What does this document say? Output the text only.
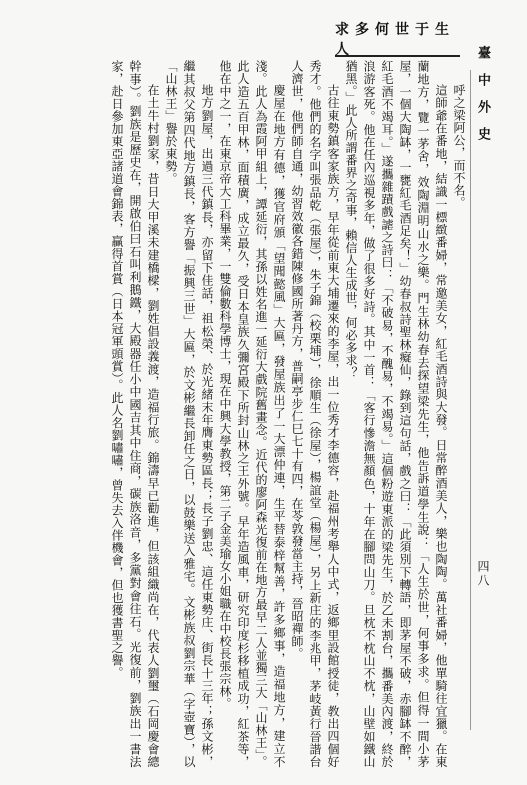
臺中外史
四八
求多何世于生人

呼之梁阿公，而不名。

這師爺在番地，結識一標緻番婦，常邀美女，紅毛酒詩與大發。日常醉酒美人，樂也陶陶。萬社番婦，他單騎往宜獵。在東蘭地方，覽一茅舍，效陶淵明山水之樂。門生林幼春去探望梁先生，他告訴道學生說：「人生於世，何事多求。但得一間小茅屋，一個大陶缽，一甕紅毛酒足矣！」幼春叔詩聖林癡仙，錄到這句話，戲之曰：「此須別下轉語，即茅屋不破，赤腳缽不醉，紅毛酒不竭耳。」遂攜雜蹟戲謔之詩曰：「不破易，不醜易，不竭易。」這個粉遊東派的梁先生，於乙未割台，攜番美內渡，終於浪游客死。他在任內巡視多年，做了很多好詩。其中一首：「客行慘澹無顏色，十年在腳問山刀。旦枕不枕山不枕，山壁如鐵山猶黑。」此人所謂番界之奇事，賴信人生成世，何必多求？

古往東勢鎮客家族方，早年從前東大埔遷來的李屋，出一位秀才李德容，赴福州考舉人中式，返鄉里設館授徒，教出四個好秀才。他們的名字叫張品乾（張屋），朱子錦（校栗埔），徐順生（徐屋），楊誼堂（楊屋），另上新庄的李兆甲，茅岐黃行晉諧台人濟世，他們師自通，幼習效徽各錯陳修國所著丹方，普嗣亭步仁巳七十有四，在苓敦發當主持，晉昭禪師。

慶屋在地方有德，獲官府頒「望聞懿風」大匾，發屋族出了一大漂仲連，生平替泰梓幫善，許多鄉事，造福地方，建立不淺。此人為霞阿甲組上，譚延衍，其孫以姓名進一延衍大戲院舊畫念。近代的廖阿森光復前在地方最早二人並獨三大「山林王」。此人造五百甲林，面積廣，成立最久，受日本皇族久彌宮殿下所封山林之王外號。早年造風車，研究印度杉移植成功，紅茶等，他在中之一，在東京帝大工科畢業，一雙倫數科學博士，現在中興大學教授，第二子金美瑜女小姐職在中校長張宗林。

地方劉屋，出過三代鎮長，亦留下佳話，祖松榮、於光緒末年膺東勢區長；長子劉忠、這任東勢庄、街長十三年；孫文彬，繼其叔父第四代地方鎮長，客方譽「振興三世」大匾，於文彬繼長卸任之日，以鼓樂送入雅宅。文彬族叔劉宗華（字壺寶），以「山林王」譽於東勢。

在土牛村劉家，昔日大甲溪未建橋樑，劉姓倡設義渡，造福行旅。錦濤早已勸進，但該組織尚在，代表人劉璽（石岡慶會總幹事）。劉族是歷史在，開啟伯曰石叫利鵝鐵，大殿器任小中國吉其中住商，碳族洛音，多黨對會往石。光復前，劉族出一書法家，赴日參加東亞諸道會錦表，贏得首賞（日本冠軍頭賞）。此人名劉嘯嘯，曾失去入伴機會，但也獲書聖之譽。
